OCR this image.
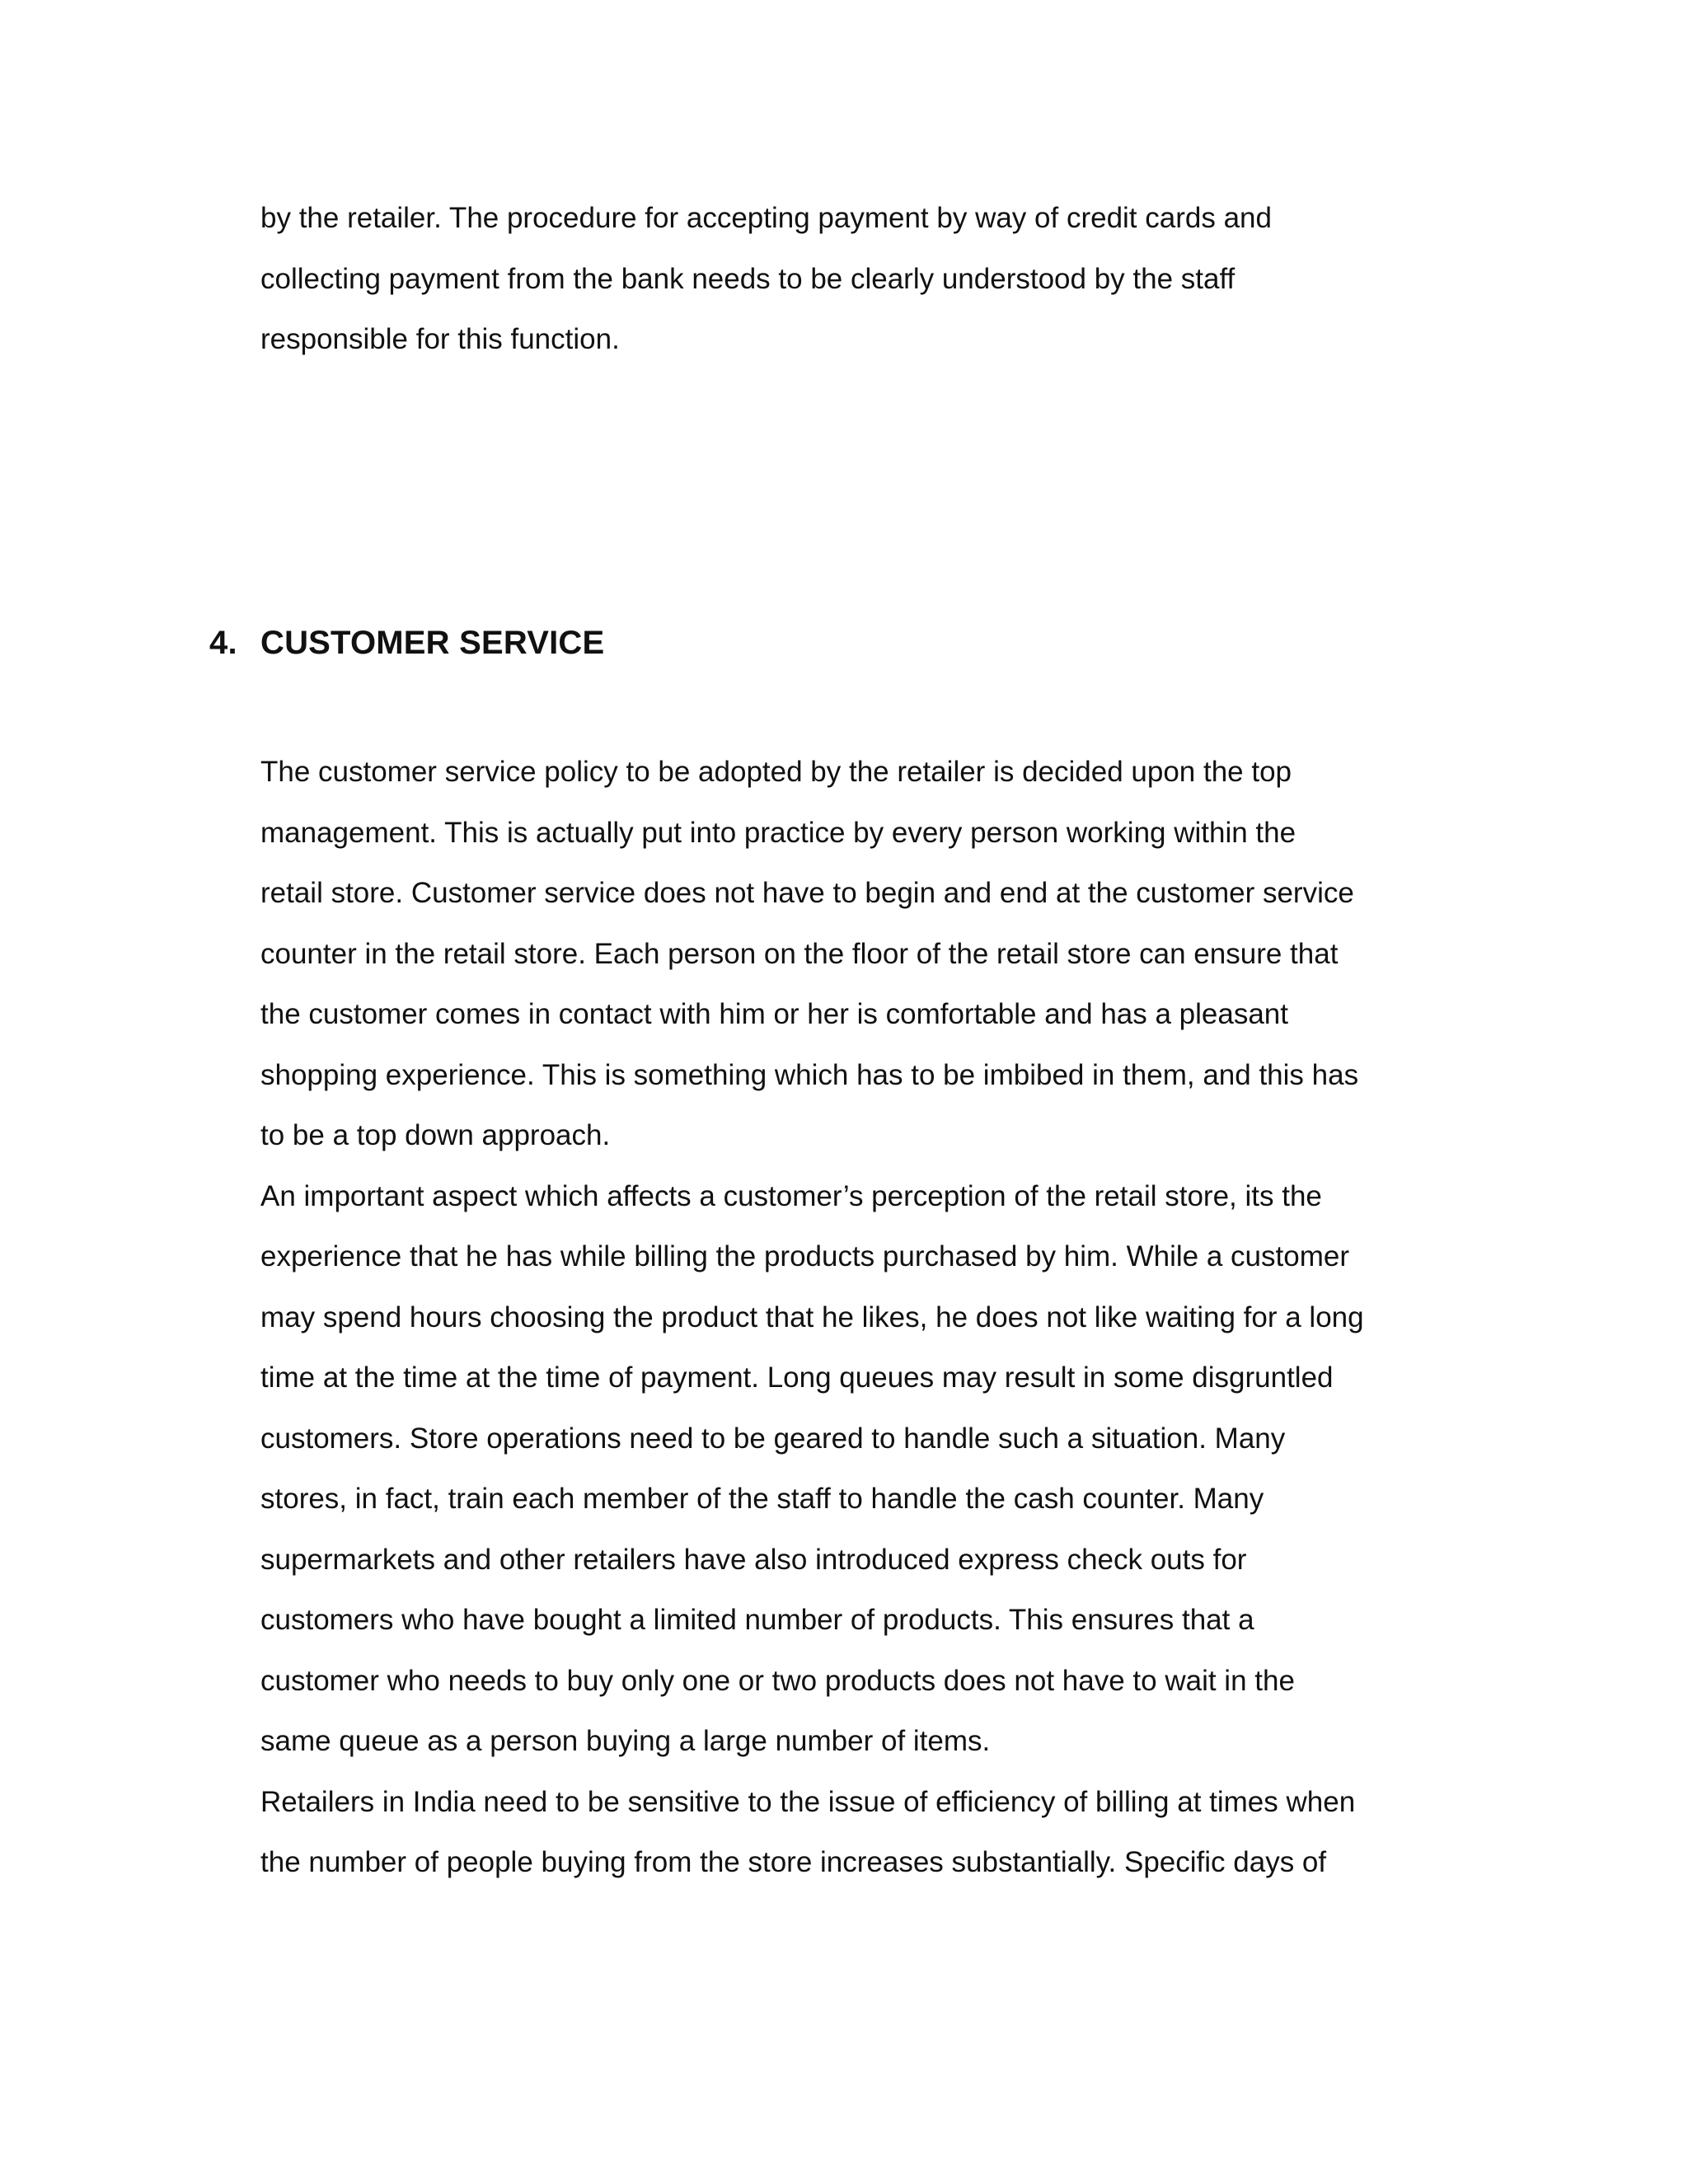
by the retailer. The procedure for accepting payment by way of credit cards and
collecting payment from the bank needs to be clearly understood by the staff
responsible for this function.
4. CUSTOMER SERVICE
The customer service policy to be adopted by the retailer is decided upon the top
management. This is actually put into practice by every person working within the
retail store. Customer service does not have to begin and end at the customer service
counter in the retail store. Each person on the floor of the retail store can ensure that
the customer comes in contact with him or her is comfortable and has a pleasant
shopping experience. This is something which has to be imbibed in them, and this has
to be a top down approach.
An important aspect which affects a customer’s perception of the retail store, its the
experience that he has while billing the products purchased by him. While a customer
may spend hours choosing the product that he likes, he does not like waiting for a long
time at the time at the time of payment. Long queues may result in some disgruntled
customers. Store operations need to be geared to handle such a situation. Many
stores, in fact, train each member of the staff to handle the cash counter. Many
supermarkets and other retailers have also introduced express check outs for
customers who have bought a limited number of products. This ensures that a
customer who needs to buy only one or two products does not have to wait in the
same queue as a person buying a large number of items.
Retailers in India need to be sensitive to the issue of efficiency of billing at times when
the number of people buying from the store increases substantially. Specific days of
